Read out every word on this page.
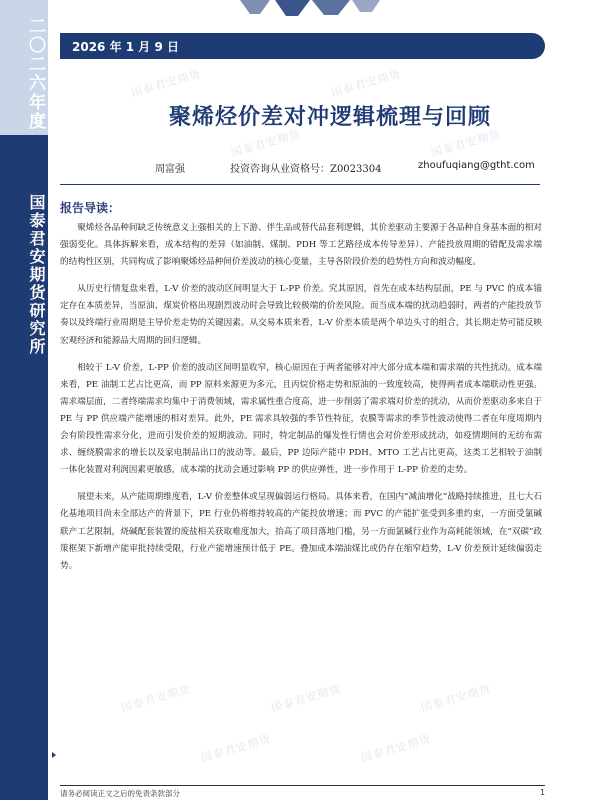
二〇二六年度
国泰君安期货研究所
2026 年 1 月 9 日
国泰君安期货	国泰君安期货
国泰君安期货	国泰君安期货
国泰君安期货	国泰君安期货	国泰君安期货
国泰君安期货	国泰君安期货
聚烯烃价差对冲逻辑梳理与回顾
周富强	投资咨询从业资格号：Z0023304	zhoufuqiang@gtht.com
报告导读：

聚烯烃各品种间缺乏传统意义上强相关的上下游、伴生品或替代品套利逻辑，其价差驱动主要源于各品种自身基本面的相对强弱变化。具体拆解来看，成本结构的差异（如油制、煤制、PDH 等工艺路径成本传导差异）、产能投放周期的错配及需求端的结构性区别，共同构成了影响聚烯烃品种间价差波动的核心变量，主导各阶段价差的趋势性方向和波动幅度。

从历史行情复盘来看，L-V 价差的波动区间明显大于 L-PP 价差。究其原因，首先在成本结构层面，PE 与 PVC 的成本锚定存在本质差异，当原油、煤炭价格出现剧烈波动时会导致比较极端的价差风险。而当成本端的扰动趋弱时，两者的产能投放节奏以及终端行业周期是主导价差走势的关键因素。从交易本质来看，L-V 价差本质是两个单边头寸的组合，其长期走势可能反映宏观经济和能源品大周期的回归逻辑。

相较于 L-V 价差，L-PP 价差的波动区间明显收窄，核心原因在于两者能够对冲大部分成本端和需求端的共性扰动。成本端来看，PE 油制工艺占比更高，而 PP 原料来源更为多元，且丙烷价格走势和原油的一致度较高，使得两者成本端联动性更强。需求端层面，二者终端需求均集中于消费领域，需求属性重合度高，进一步削弱了需求端对价差的扰动，从而价差驱动多来自于 PE 与 PP 供应端产能增速的相对差异。此外，PE 需求具较强的季节性特征，农膜等需求的季节性波动使得二者在年度周期内会有阶段性需求分化，进而引发价差的短期波动。同时，特定制品的爆发性行情也会对价差形成扰动，如疫情期间的无纺布需求、缠绕膜需求的增长以及家电制品出口的波动等。最后，PP 边际产能中 PDH、MTO 工艺占比更高，这类工艺相较于油制一体化装置对利润因素更敏感，成本端的扰动会通过影响 PP 的供应弹性，进一步作用于 L-PP 价差的走势。

展望未来，从产能周期维度看，L-V 价差整体或呈现偏弱运行格局。具体来看，在国内“减油增化”战略持续推进，且七大石化基地项目尚未全部达产的背景下，PE 行业仍将维持较高的产能投放增速；而 PVC 的产能扩张受到多重约束，一方面受氯碱联产工艺限制，烧碱配套装置的废盐相关获取难度加大，抬高了项目落地门槛，另一方面氯碱行业作为高耗能领域，在“双碳”政策框架下新增产能审批持续受限，行业产能增速预计低于 PE。叠加成本端油煤比或仍存在缩窄趋势，L-V 价差预计延续偏弱走势。

请务必阅读正文之后的免责条款部分	1
